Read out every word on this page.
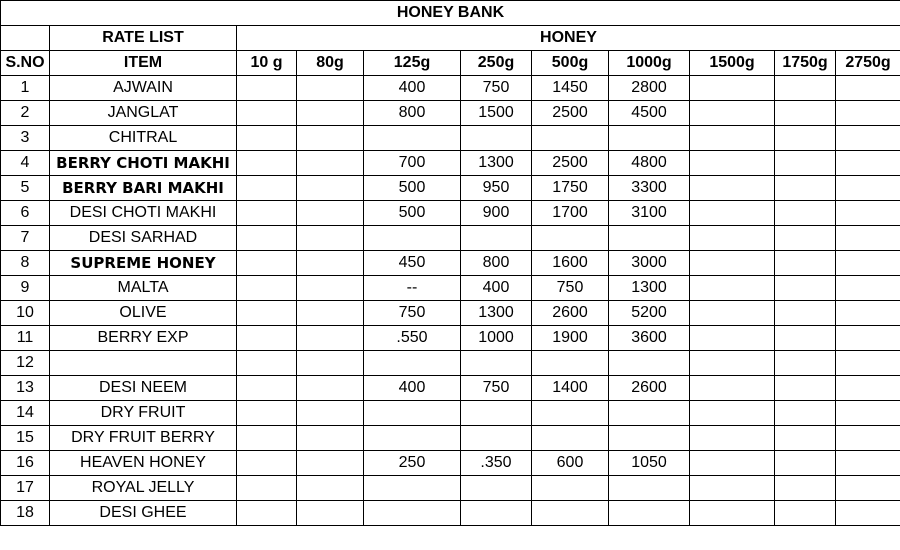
HONEY BANK										
	RATE LIST	HONEY								
S.NO	ITEM	10 g	80g	125g	250g	500g	1000g	1500g	1750g	2750g
1	AJWAIN			400	750	1450	2800			
2	JANGLAT			800	1500	2500	4500			
3	CHITRAL									
4	BERRY CHOTI MAKHI			700	1300	2500	4800			
5	BERRY BARI MAKHI			500	950	1750	3300			
6	DESI CHOTI MAKHI			500	900	1700	3100			
7	DESI SARHAD									
8	SUPREME HONEY			450	800	1600	3000			
9	MALTA			--	400	750	1300			
10	OLIVE			750	1300	2600	5200			
11	BERRY EXP			.550	1000	1900	3600			
12										
13	DESI NEEM			400	750	1400	2600			
14	DRY FRUIT									
15	DRY FRUIT BERRY									
16	HEAVEN HONEY			250	.350	600	1050			
17	ROYAL JELLY									
18	DESI GHEE									
